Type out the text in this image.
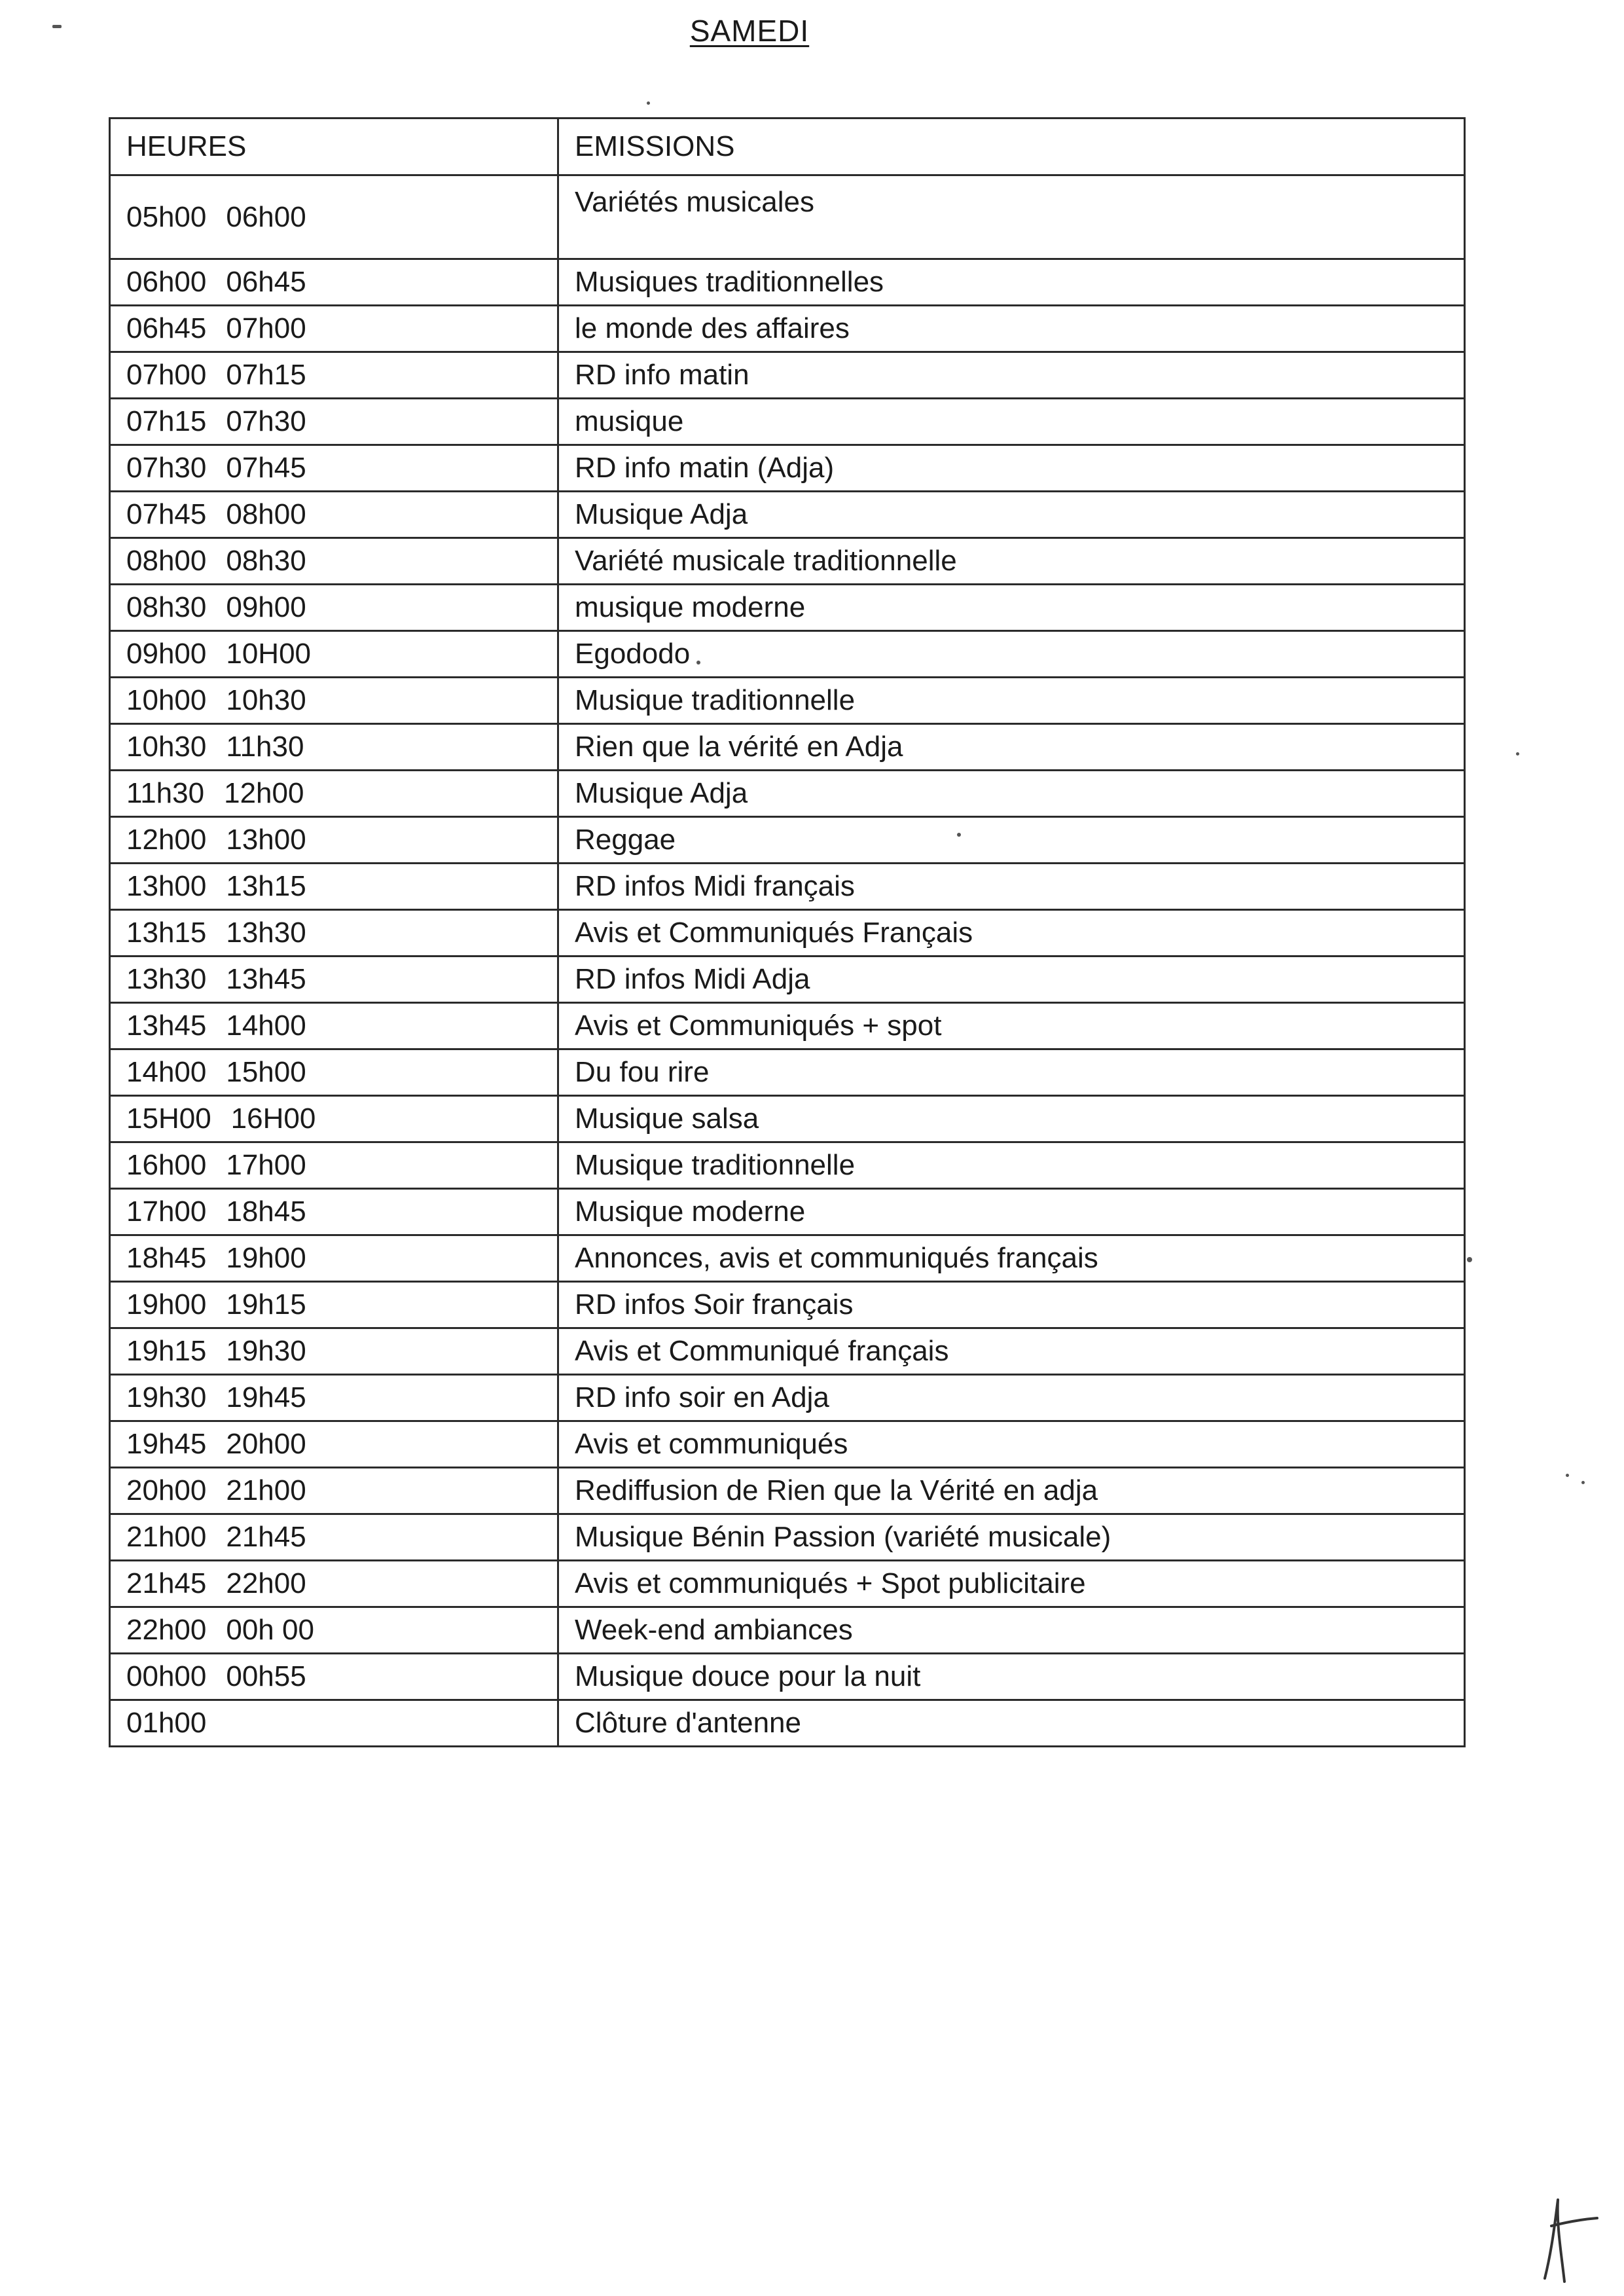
SAMEDI
HEURES	EMISSIONS
05h00 06h00	Variétés musicales
06h00 06h45	Musiques traditionnelles
06h45 07h00	le monde des affaires
07h00 07h15	RD info matin
07h15 07h30	musique
07h30 07h45	RD info matin (Adja)
07h45 08h00	Musique Adja
08h00 08h30	Variété musicale traditionnelle
08h30 09h00	musique moderne
09h00 10H00	Egododo
10h00 10h30	Musique traditionnelle
10h30 11h30	Rien que la vérité en Adja
11h30 12h00	Musique Adja
12h00 13h00	Reggae
13h00 13h15	RD infos Midi français
13h15 13h30	Avis et Communiqués Français
13h30 13h45	RD infos Midi Adja
13h45 14h00	Avis et Communiqués + spot
14h00 15h00	Du fou rire
15H00 16H00	Musique salsa
16h00 17h00	Musique traditionnelle
17h00 18h45	Musique moderne
18h45 19h00	Annonces, avis et communiqués français
19h00 19h15	RD infos Soir français
19h15 19h30	Avis et Communiqué français
19h30 19h45	RD info soir en Adja
19h45 20h00	Avis et communiqués
20h00 21h00	Rediffusion de Rien que la Vérité en adja
21h00 21h45	Musique Bénin Passion (variété musicale)
21h45 22h00	Avis et communiqués + Spot publicitaire
22h00 00h 00	Week-end ambiances
00h00 00h55	Musique douce pour la nuit
01h00	Clôture d'antenne
